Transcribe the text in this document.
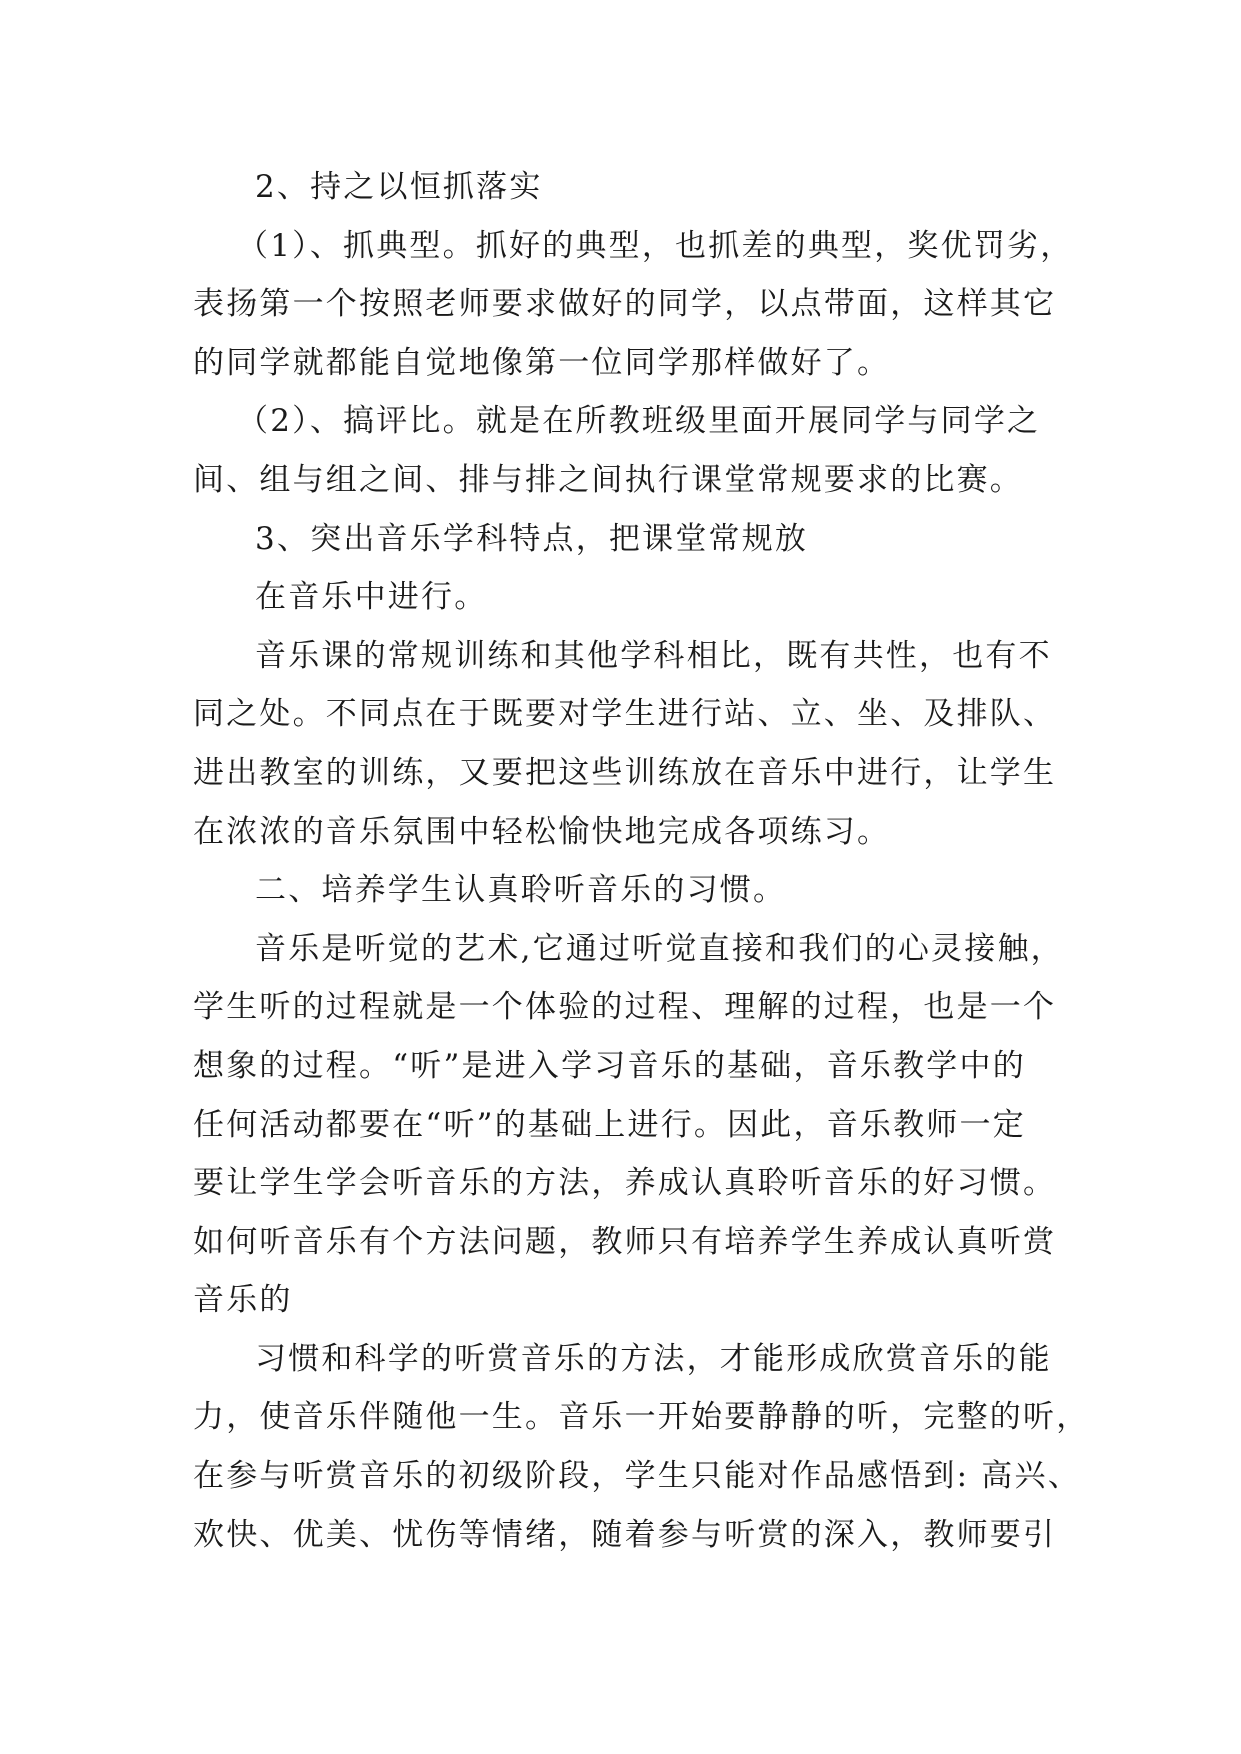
2、持之以恒抓落实
（1）、抓典型。抓好的典型，也抓差的典型，奖优罚劣，
表扬第一个按照老师要求做好的同学，以点带面，这样其它
的同学就都能自觉地像第一位同学那样做好了。
（2）、搞评比。就是在所教班级里面开展同学与同学之
间、组与组之间、排与排之间执行课堂常规要求的比赛。
3、突出音乐学科特点，把课堂常规放
在音乐中进行。
音乐课的常规训练和其他学科相比，既有共性，也有不
同之处。不同点在于既要对学生进行站、立、坐、及排队、
进出教室的训练，又要把这些训练放在音乐中进行，让学生
在浓浓的音乐氛围中轻松愉快地完成各项练习。
二、培养学生认真聆听音乐的习惯。
音乐是听觉的艺术,它通过听觉直接和我们的心灵接触，
学生听的过程就是一个体验的过程、理解的过程，也是一个
想象的过程。“听”是进入学习音乐的基础，音乐教学中的
任何活动都要在“听”的基础上进行。因此，音乐教师一定
要让学生学会听音乐的方法，养成认真聆听音乐的好习惯。
如何听音乐有个方法问题，教师只有培养学生养成认真听赏
音乐的
习惯和科学的听赏音乐的方法，才能形成欣赏音乐的能
力，使音乐伴随他一生。音乐一开始要静静的听，完整的听，
在参与听赏音乐的初级阶段，学生只能对作品感悟到: 高兴、
欢快、优美、忧伤等情绪，随着参与听赏的深入，教师要引
